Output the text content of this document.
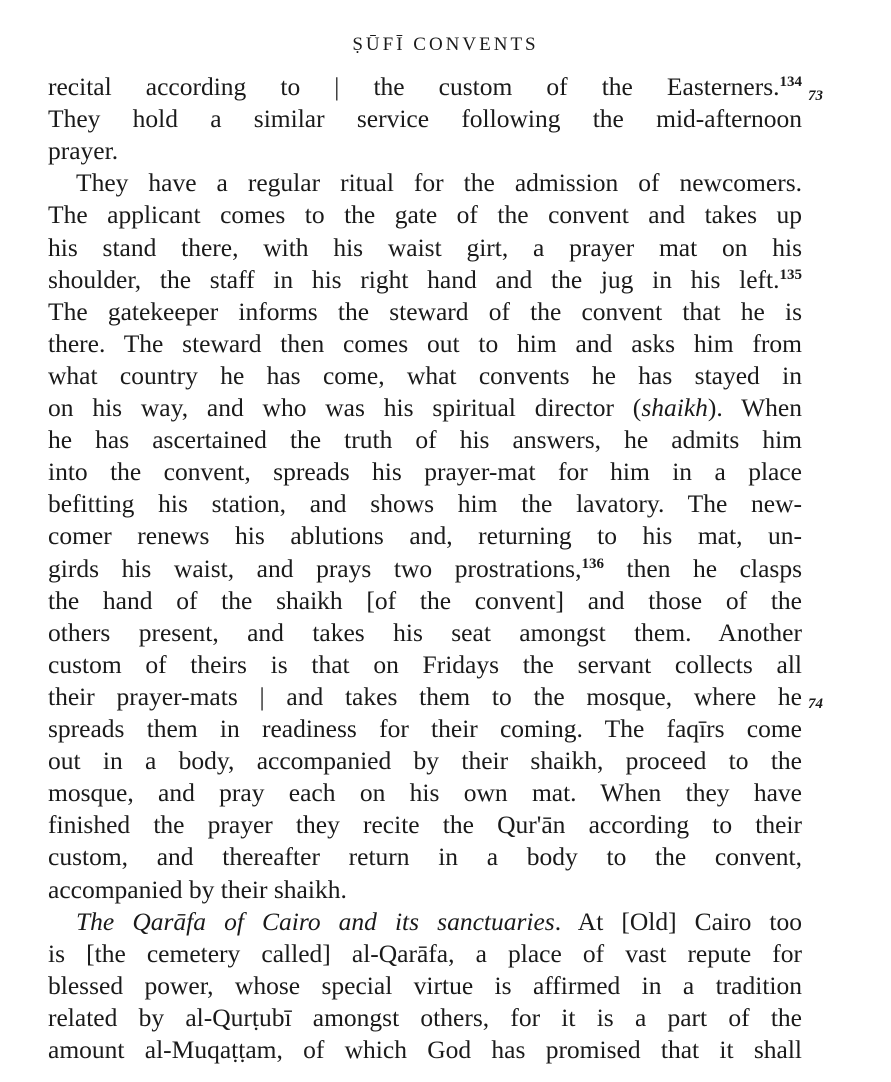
ṢŪFĪ CONVENTS
recital according to | the custom of the Easterners.$^{134}$
They hold a similar service following the mid-afternoon
prayer.
They have a regular ritual for the admission of newcomers.
The applicant comes to the gate of the convent and takes up
his stand there, with his waist girt, a prayer mat on his
shoulder, the staff in his right hand and the jug in his left.$^{135}$
The gatekeeper informs the steward of the convent that he is
there. The steward then comes out to him and asks him from
what country he has come, what convents he has stayed in
on his way, and who was his spiritual director (shaikh). When
he has ascertained the truth of his answers, he admits him
into the convent, spreads his prayer-mat for him in a place
befitting his station, and shows him the lavatory. The new-
comer renews his ablutions and, returning to his mat, un-
girds his waist, and prays two prostrations,$^{136}$ then he clasps
the hand of the shaikh [of the convent] and those of the
others present, and takes his seat amongst them. Another
custom of theirs is that on Fridays the servant collects all
their prayer-mats | and takes them to the mosque, where he
spreads them in readiness for their coming. The faqīrs come
out in a body, accompanied by their shaikh, proceed to the
mosque, and pray each on his own mat. When they have
finished the prayer they recite the Qur'ān according to their
custom, and thereafter return in a body to the convent,
accompanied by their shaikh.
The Qarāfa of Cairo and its sanctuaries. At [Old] Cairo too
is [the cemetery called] al-Qarāfa, a place of vast repute for
blessed power, whose special virtue is affirmed in a tradition
related by al-Qurṭubī amongst others, for it is a part of the
amount al-Muqaṭṭam, of which God has promised that it shall
73
74
